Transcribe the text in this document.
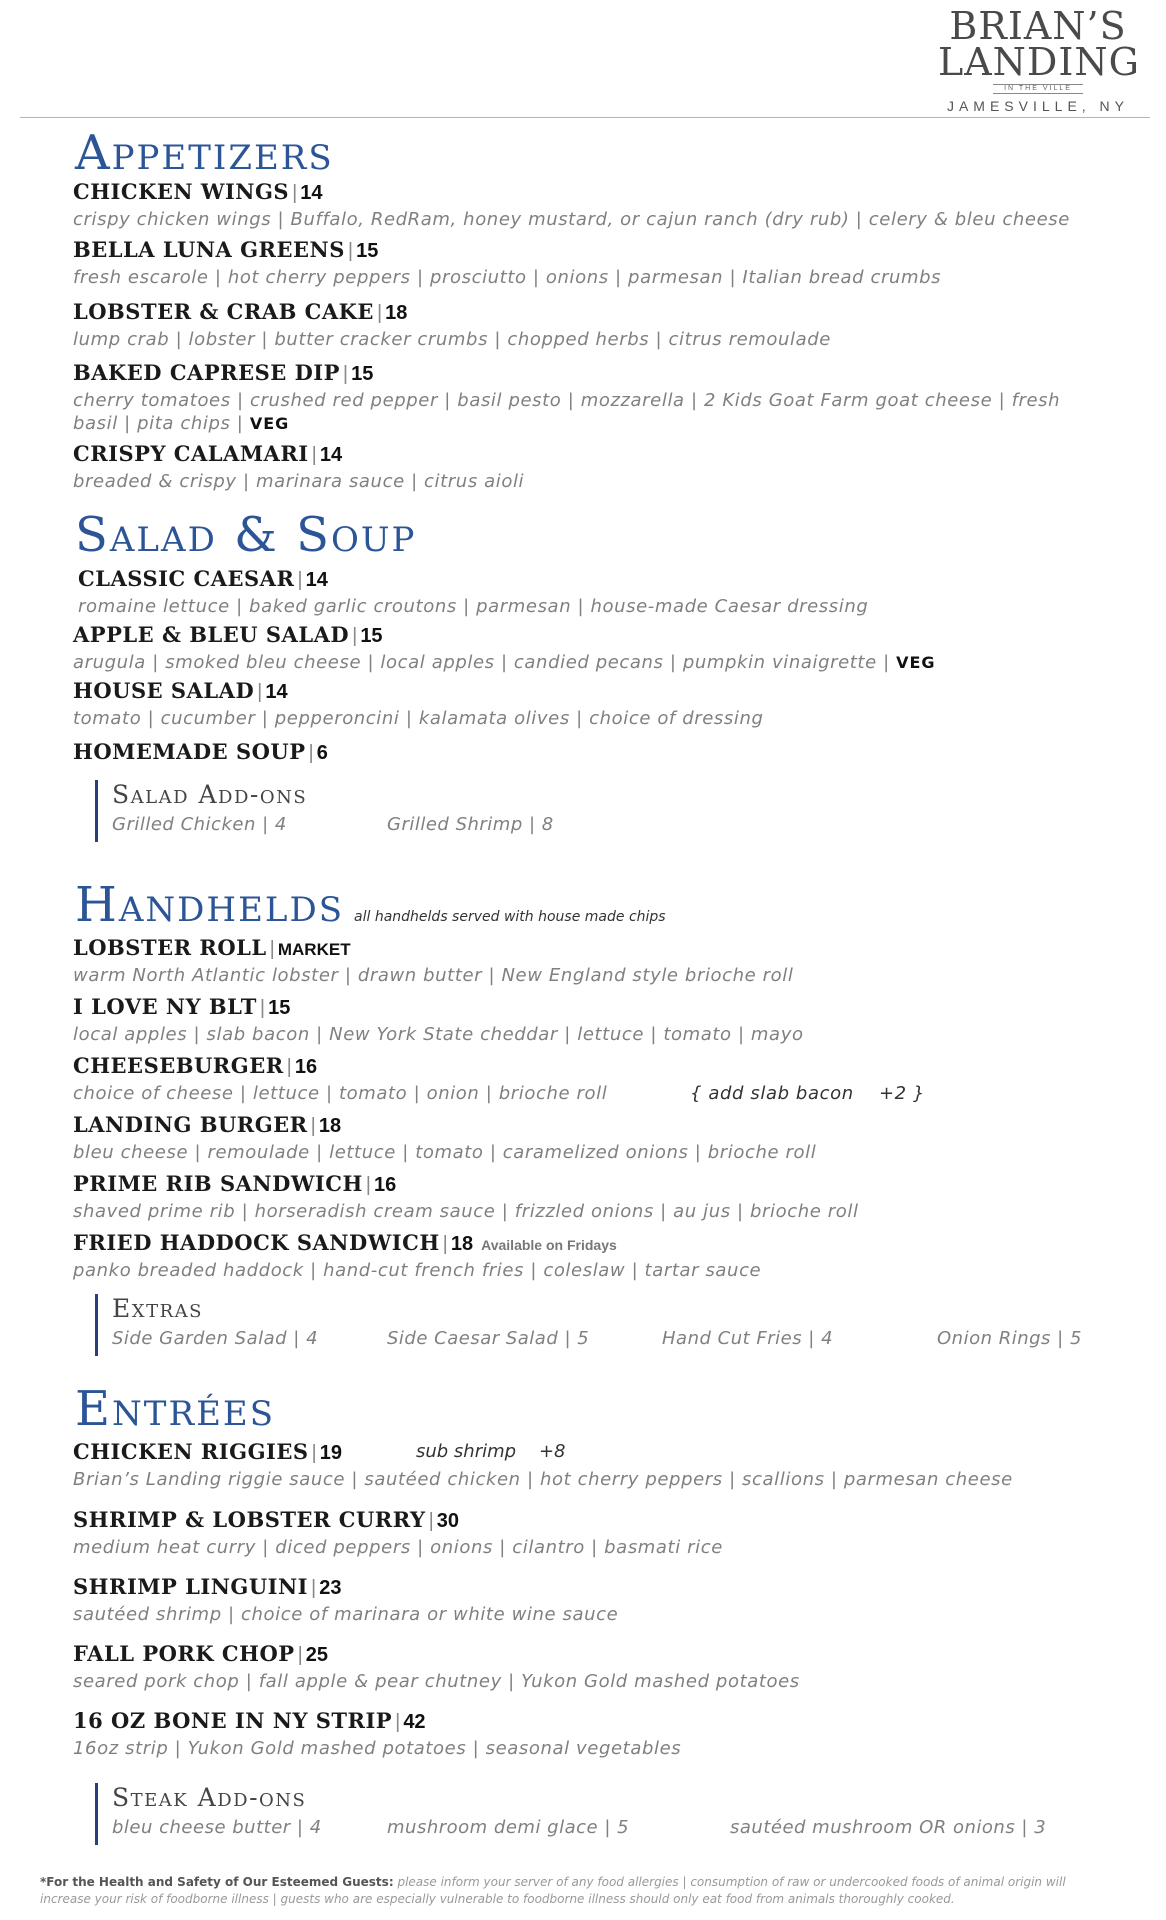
BRIAN’S
LANDING
IN THE VILLE
JAMESVILLE, NY
Appetizers
CHICKEN WINGS | 14
crispy chicken wings | Buffalo, RedRam, honey mustard, or cajun ranch (dry rub) | celery & bleu cheese
BELLA LUNA GREENS | 15
fresh escarole | hot cherry peppers | prosciutto | onions | parmesan | Italian bread crumbs
LOBSTER & CRAB CAKE | 18
lump crab | lobster | butter cracker crumbs | chopped herbs | citrus remoulade
BAKED CAPRESE DIP | 15
cherry tomatoes | crushed red pepper | basil pesto | mozzarella | 2 Kids Goat Farm goat cheese | fresh
basil | pita chips | VEG
CRISPY CALAMARI | 14
breaded & crispy | marinara sauce | citrus aioli
Salad & Soup
CLASSIC CAESAR | 14
romaine lettuce | baked garlic croutons | parmesan | house-made Caesar dressing
APPLE & BLEU SALAD | 15
arugula | smoked bleu cheese | local apples | candied pecans | pumpkin vinaigrette | VEG
HOUSE SALAD | 14
tomato | cucumber | pepperoncini | kalamata olives | choice of dressing
HOMEMADE SOUP | 6
Salad Add-ons
Grilled Chicken | 4	Grilled Shrimp | 8
Handhelds all handhelds served with house made chips
LOBSTER ROLL | MARKET
warm North Atlantic lobster | drawn butter | New England style brioche roll
I LOVE NY BLT | 15
local apples | slab bacon | New York State cheddar | lettuce | tomato | mayo
CHEESEBURGER | 16
choice of cheese | lettuce | tomato | onion | brioche roll	{ add slab bacon    +2 }
LANDING BURGER | 18
bleu cheese | remoulade | lettuce | tomato | caramelized onions | brioche roll
PRIME RIB SANDWICH | 16
shaved prime rib | horseradish cream sauce | frizzled onions | au jus | brioche roll
FRIED HADDOCK SANDWICH | 18 Available on Fridays
panko breaded haddock | hand-cut french fries | coleslaw | tartar sauce
Extras
Side Garden Salad | 4	Side Caesar Salad | 5	Hand Cut Fries | 4	Onion Rings | 5
Entrées
CHICKEN RIGGIES | 19	sub shrimp    +8
Brian’s Landing riggie sauce | sautéed chicken | hot cherry peppers | scallions | parmesan cheese
SHRIMP & LOBSTER CURRY | 30
medium heat curry | diced peppers | onions | cilantro | basmati rice
SHRIMP LINGUINI | 23
sautéed shrimp | choice of marinara or white wine sauce
FALL PORK CHOP | 25
seared pork chop | fall apple & pear chutney | Yukon Gold mashed potatoes
16 OZ BONE IN NY STRIP | 42
16oz strip | Yukon Gold mashed potatoes | seasonal vegetables
Steak Add-ons
bleu cheese butter | 4	mushroom demi glace | 5	sautéed mushroom OR onions | 3
*For the Health and Safety of Our Esteemed Guests: please inform your server of any food allergies | consumption of raw or undercooked foods of animal origin will increase your risk of foodborne illness | guests who are especially vulnerable to foodborne illness should only eat food from animals thoroughly cooked.
